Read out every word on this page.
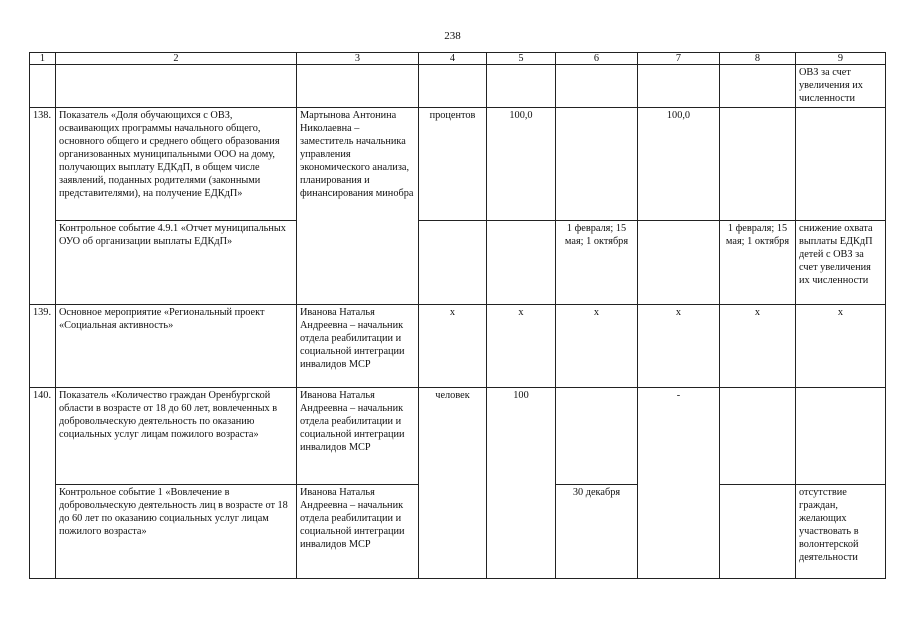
238
1	2	3	4	5	6	7	8	9
								ОВЗ за счет увеличения их численности
138.	Показатель «Доля обучающихся с ОВЗ, осваивающих программы начального общего, основного общего и среднего общего образования организованных муниципальными ООО на дому, получающих выплату ЕДКдП, в общем числе заявлений, поданных родителями (законными представителями), на получение ЕДКдП»	Мартынова Антонина Николаевна – заместитель начальника управления экономического анализа, планирования и финансирования минобра	процентов	100,0		100,0		
	Контрольное событие 4.9.1 «Отчет муниципальных ОУО об организации выплаты ЕДКдП»				1 февраля; 15 мая; 1 октября		1 февраля; 15 мая; 1 октября	снижение охвата выплаты ЕДКдП детей с ОВЗ за счет увеличения их численности
139.	Основное мероприятие «Региональный проект «Социальная активность»	Иванова Наталья Андреевна – начальник отдела реабилитации и социальной интеграции инвалидов МСР	x	x	x	x	x	x
140.	Показатель «Количество граждан Оренбургской области в возрасте от 18 до 60 лет, вовлеченных в добровольческую деятельность по оказанию социальных услуг лицам пожилого возраста»	Иванова Наталья Андреевна – начальник отдела реабилитации и социальной интеграции инвалидов МСР	человек	100		-		
	Контрольное событие 1 «Вовлечение в добровольческую деятельность лиц в возрасте от 18 до 60 лет по оказанию социальных услуг лицам пожилого возраста»	Иванова Наталья Андреевна – начальник отдела реабилитации и социальной интеграции инвалидов МСР			30 декабря			отсутствие граждан, желающих участвовать в волонтерской деятельности
